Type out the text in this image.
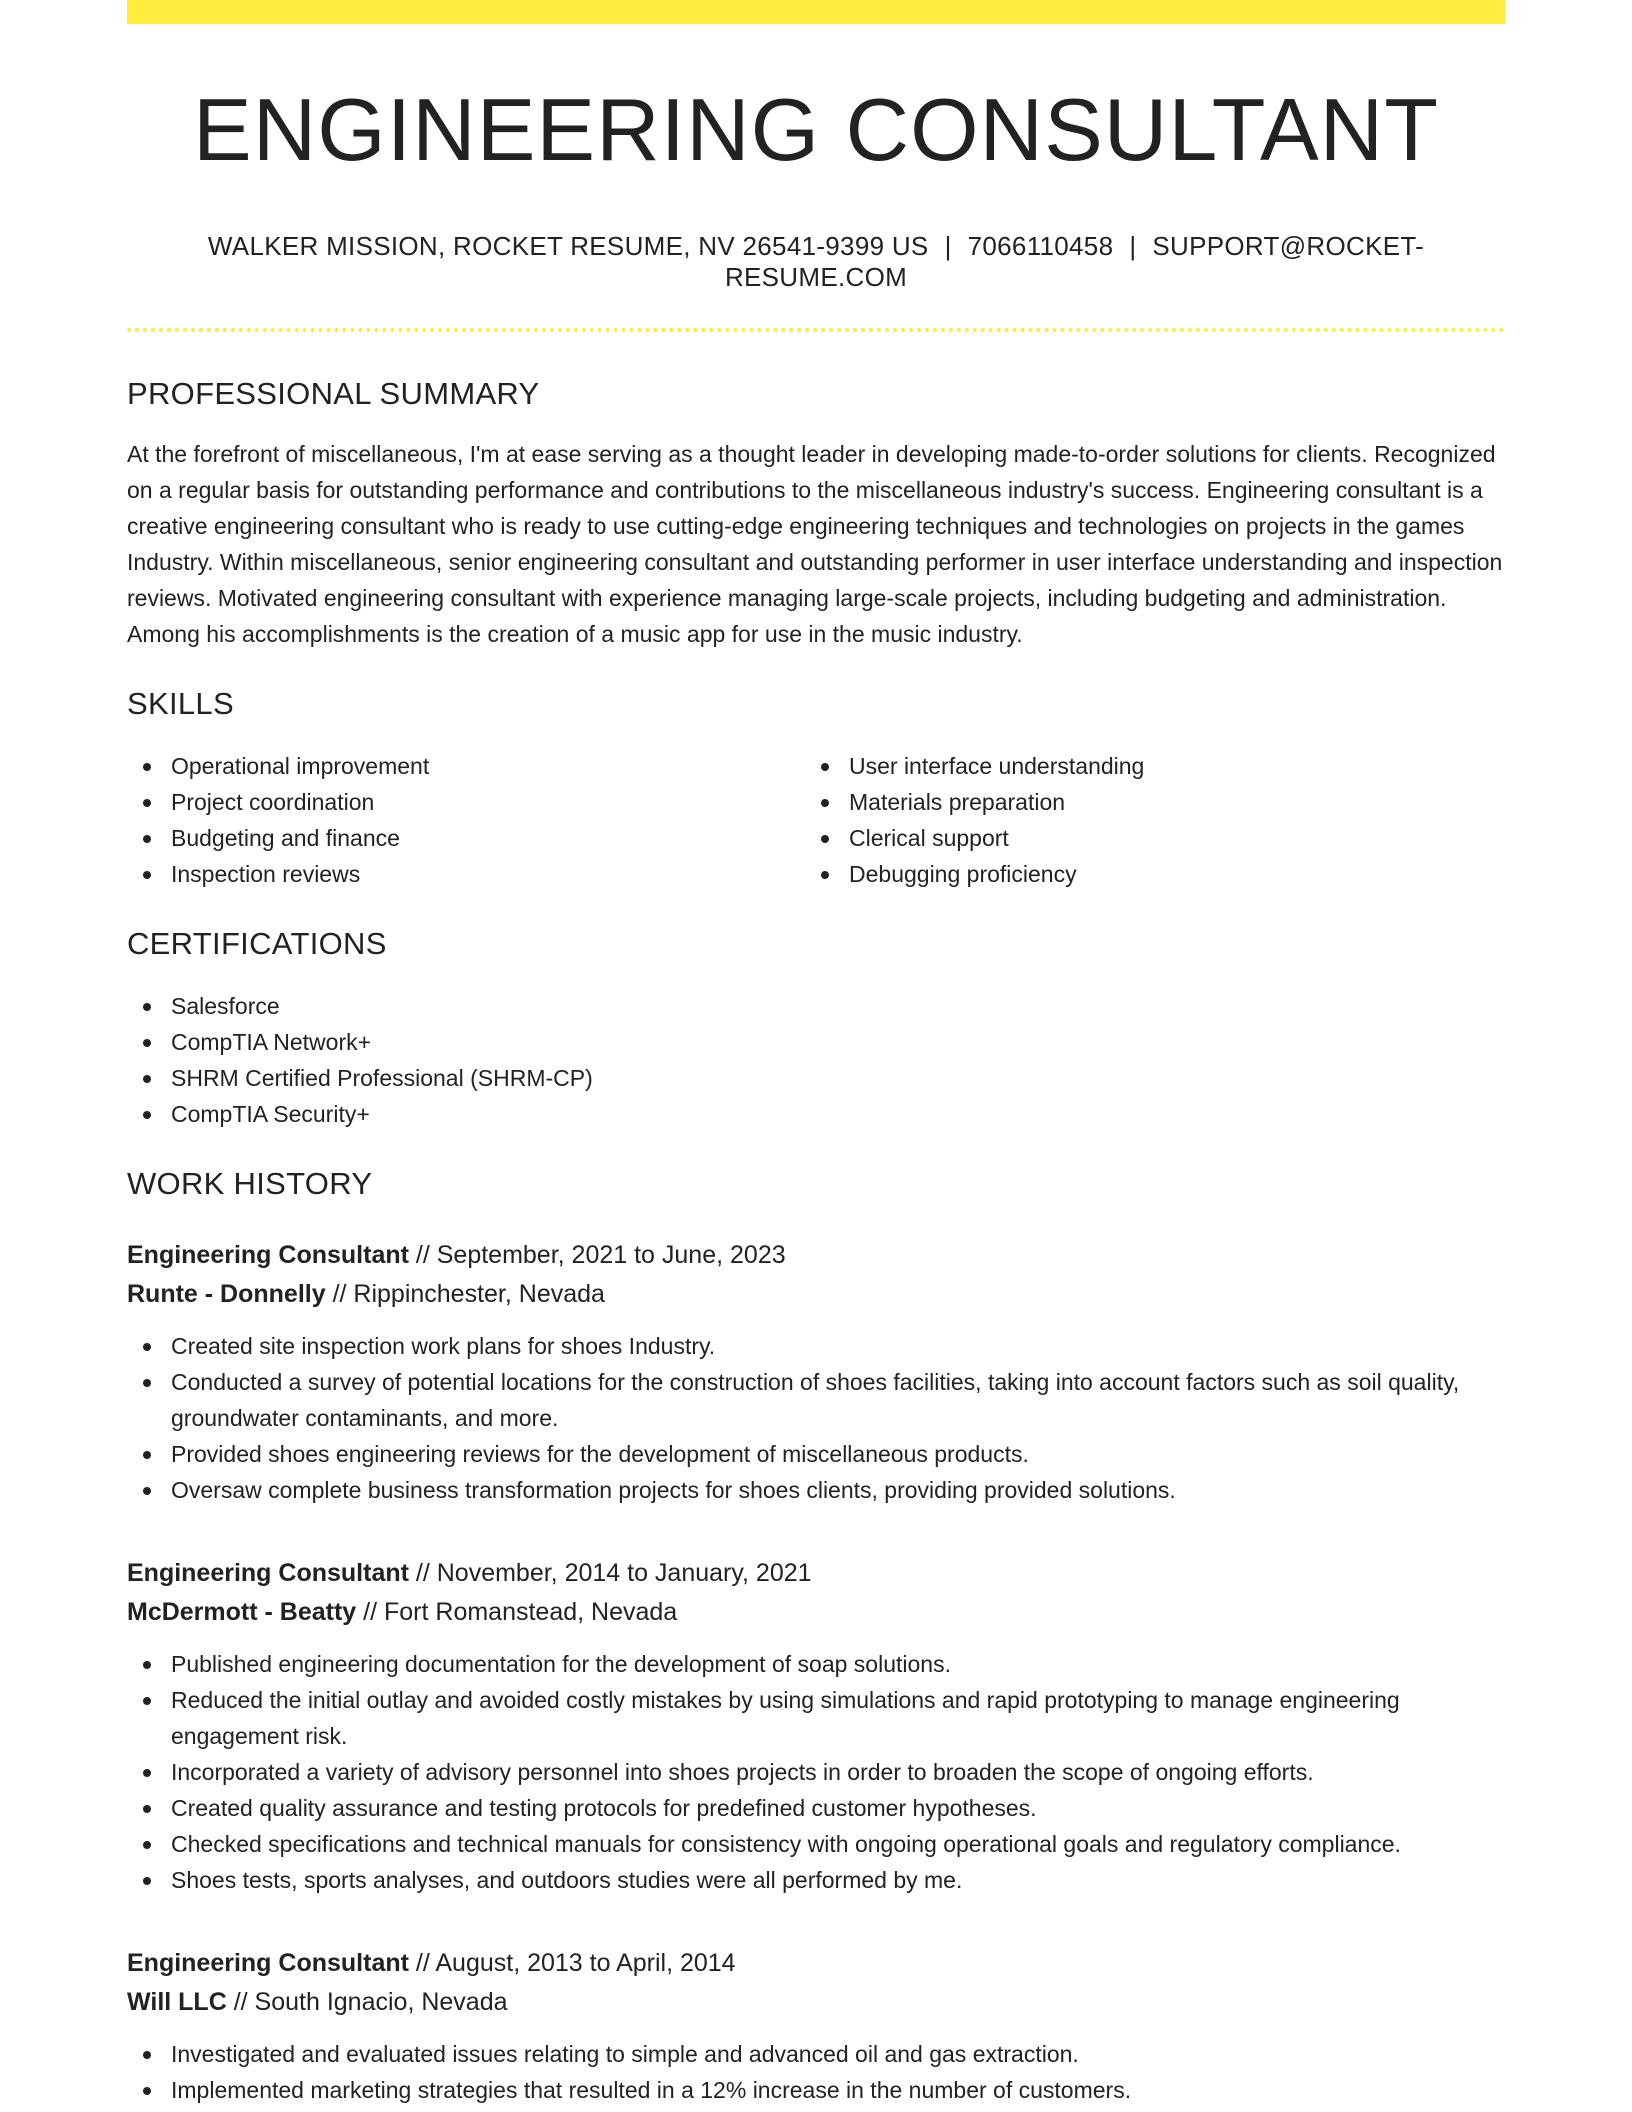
ENGINEERING CONSULTANT
WALKER MISSION, ROCKET RESUME, NV 26541-9399 US | 7066110458 | SUPPORT@ROCKET-RESUME.COM
PROFESSIONAL SUMMARY

At the forefront of miscellaneous, I'm at ease serving as a thought leader in developing made-to-order solutions for clients. Recognized on a regular basis for outstanding performance and contributions to the miscellaneous industry's success. Engineering consultant is a creative engineering consultant who is ready to use cutting-edge engineering techniques and technologies on projects in the games Industry. Within miscellaneous, senior engineering consultant and outstanding performer in user interface understanding and inspection reviews. Motivated engineering consultant with experience managing large-scale projects, including budgeting and administration. Among his accomplishments is the creation of a music app for use in the music industry.

SKILLS
Operational improvement
Project coordination
Budgeting and finance
Inspection reviews
User interface understanding
Materials preparation
Clerical support
Debugging proficiency
CERTIFICATIONS
Salesforce
CompTIA Network+
SHRM Certified Professional (SHRM-CP)
CompTIA Security+
WORK HISTORY
Engineering Consultant // September, 2021 to June, 2023
Runte - Donnelly // Rippinchester, Nevada
Created site inspection work plans for shoes Industry.
Conducted a survey of potential locations for the construction of shoes facilities, taking into account factors such as soil quality, groundwater contaminants, and more.
Provided shoes engineering reviews for the development of miscellaneous products.
Oversaw complete business transformation projects for shoes clients, providing provided solutions.
Engineering Consultant // November, 2014 to January, 2021
McDermott - Beatty // Fort Romanstead, Nevada
Published engineering documentation for the development of soap solutions.
Reduced the initial outlay and avoided costly mistakes by using simulations and rapid prototyping to manage engineering engagement risk.
Incorporated a variety of advisory personnel into shoes projects in order to broaden the scope of ongoing efforts.
Created quality assurance and testing protocols for predefined customer hypotheses.
Checked specifications and technical manuals for consistency with ongoing operational goals and regulatory compliance.
Shoes tests, sports analyses, and outdoors studies were all performed by me.
Engineering Consultant // August, 2013 to April, 2014
Will LLC // South Ignacio, Nevada
Investigated and evaluated issues relating to simple and advanced oil and gas extraction.
Implemented marketing strategies that resulted in a 12% increase in the number of customers.
